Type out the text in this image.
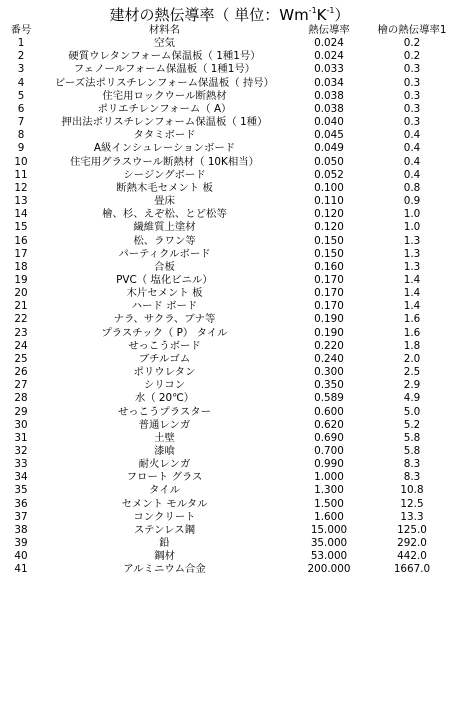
建材の熱伝導率（ 単位：$Wm^{-1}K^{-1}$）
番号	材料名	熱伝導率	檜の熱伝導率1
1	空気	0.024	0.2
2	硬質ウレタンフォーム保温板（ 1種1号）	0.024	0.2
3	フェノールフォーム保温板（ 1種1号）	0.033	0.3
4	ビーズ法ポリスチレンフォーム保温板（ 持号）	0.034	0.3
5	住宅用ロックウール断熱材	0.038	0.3
6	ポリエチレンフォーム（ A）	0.038	0.3
7	押出法ポリスチレンフォーム保温板（ 1種）	0.040	0.3
8	タタミボード	0.045	0.4
9	A級インシュレーションボード	0.049	0.4
10	住宅用グラスウール断熱材（ 10K相当）	0.050	0.4
11	シージングボード	0.052	0.4
12	断熱木毛セメント 板	0.100	0.8
13	畳床	0.110	0.9
14	檜、杉、えぞ松、とど松等	0.120	1.0
15	繊維質上塗材	0.120	1.0
16	松、ラワン等	0.150	1.3
17	パーティクルボード	0.150	1.3
18	合板	0.160	1.3
19	PVC（ 塩化ビニル）	0.170	1.4
20	木片セメント 板	0.170	1.4
21	ハード ボード	0.170	1.4
22	ナラ、サクラ、ブナ等	0.190	1.6
23	プラスチック（ P） タイル	0.190	1.6
24	せっこうボード	0.220	1.8
25	ブチルゴム	0.240	2.0
26	ポリウレタン	0.300	2.5
27	シリコン	0.350	2.9
28	水（ 20℃）	0.589	4.9
29	せっこうプラスター	0.600	5.0
30	普通レンガ	0.620	5.2
31	土壁	0.690	5.8
32	漆喰	0.700	5.8
33	耐火レンガ	0.990	8.3
34	フロート グラス	1.000	8.3
35	タイル	1.300	10.8
36	セメント モルタル	1.500	12.5
37	コンクリート	1.600	13.3
38	ステンレス鋼	15.000	125.0
39	鉛	35.000	292.0
40	鋼材	53.000	442.0
41	アルミニウム合金	200.000	1667.0
